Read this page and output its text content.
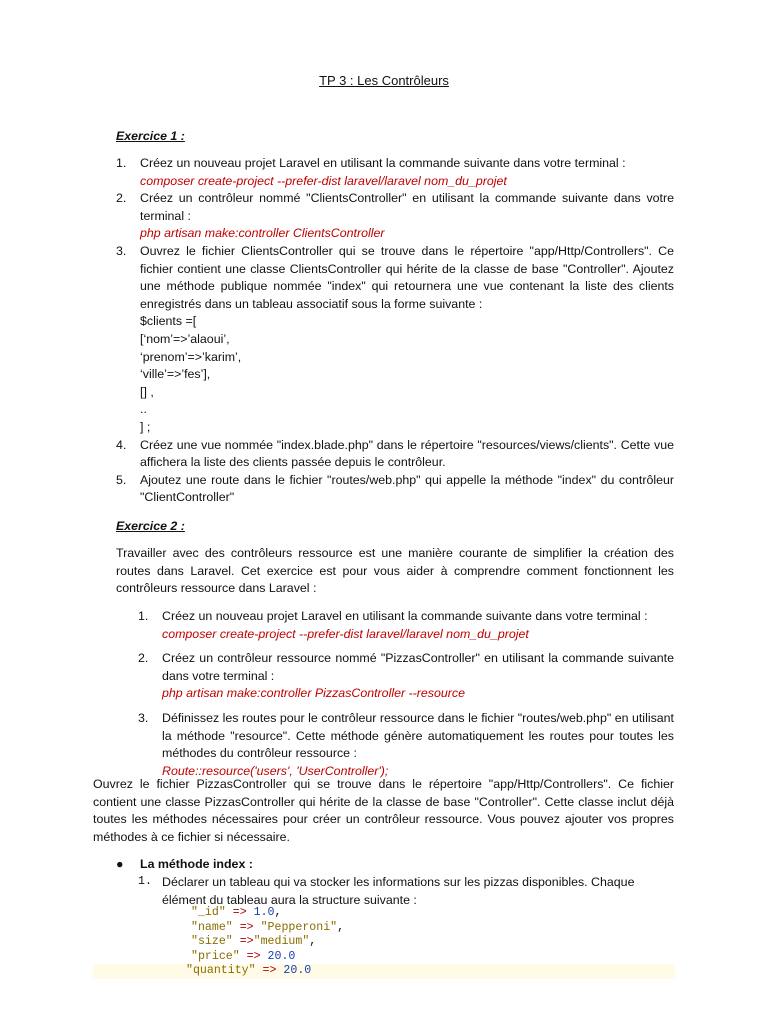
TP 3 : Les Contrôleurs
Exercice 1 :
1. Créez un nouveau projet Laravel en utilisant la commande suivante dans votre terminal :
composer create-project --prefer-dist laravel/laravel nom_du_projet
2. Créez un contrôleur nommé "ClientsController" en utilisant la commande suivante dans votre terminal :
php artisan make:controller ClientsController
3. Ouvrez le fichier ClientsController qui se trouve dans le répertoire "app/Http/Controllers". Ce fichier contient une classe ClientsController qui hérite de la classe de base "Controller". Ajoutez une méthode publique nommée "index" qui retournera une vue contenant la liste des clients enregistrés dans un tableau associatif sous la forme suivante :
$clients =[
[‘nom’=>’alaoui’,
‘prenom’=>’karim’,
‘ville’=>’fes’],
[] ,
..
] ;
4. Créez une vue nommée "index.blade.php" dans le répertoire "resources/views/clients". Cette vue affichera la liste des clients passée depuis le contrôleur.
5. Ajoutez une route dans le fichier "routes/web.php" qui appelle la méthode "index" du contrôleur "ClientController"
Exercice 2 :

Travailler avec des contrôleurs ressource est une manière courante de simplifier la création des routes dans Laravel. Cet exercice est pour vous aider à comprendre comment fonctionnent les contrôleurs ressource dans Laravel :

1. Créez un nouveau projet Laravel en utilisant la commande suivante dans votre terminal :
composer create-project --prefer-dist laravel/laravel nom_du_projet
2. Créez un contrôleur ressource nommé "PizzasController" en utilisant la commande suivante dans votre terminal :
php artisan make:controller PizzasController --resource
3. Définissez les routes pour le contrôleur ressource dans le fichier "routes/web.php" en utilisant la méthode "resource". Cette méthode génère automatiquement les routes pour toutes les méthodes du contrôleur ressource :
Route::resource('users', 'UserController');

Ouvrez le fichier PizzasController qui se trouve dans le répertoire "app/Http/Controllers". Ce fichier contient une classe PizzasController qui hérite de la classe de base "Controller". Cette classe inclut déjà toutes les méthodes nécessaires pour créer un contrôleur ressource. Vous pouvez ajouter vos propres méthodes à ce fichier si nécessaire.

● La méthode index :
1. Déclarer un tableau qui va stocker les informations sur les pizzas disponibles. Chaque élément du tableau aura la structure suivante :
"_id" => 1.0,
"name" => "Pepperoni",
"size" =>"medium",
"price" => 20.0
"quantity" => 20.0
